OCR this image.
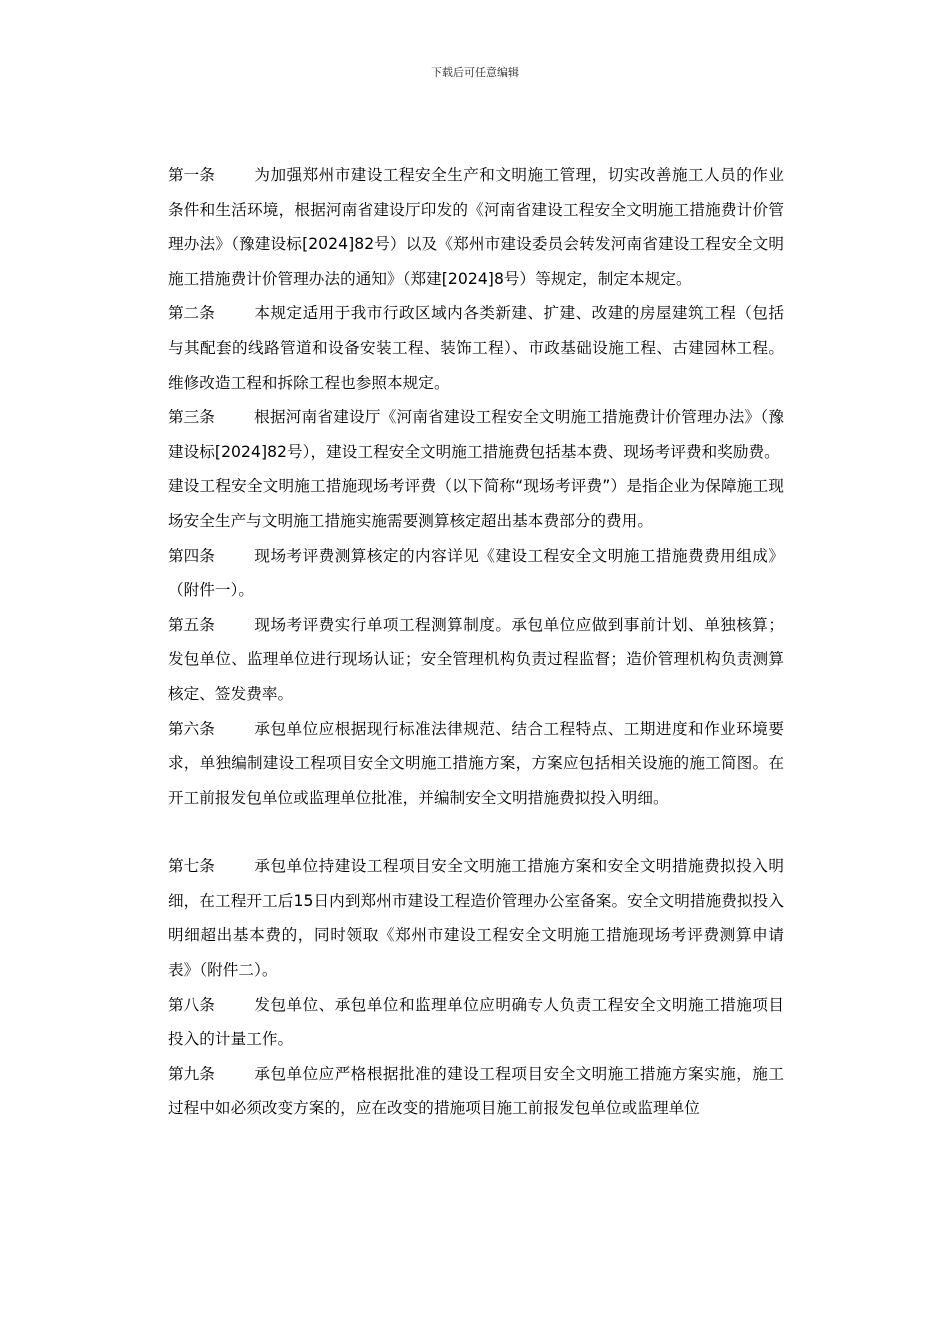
下载后可任意编辑

第一条	为加强郑州市建设工程安全生产和文明施工管理，切实改善施工人员的作业条件和生活环境，根据河南省建设厅印发的《河南省建设工程安全文明施工措施费计价管理办法》（豫建设标[2024]82号）以及《郑州市建设委员会转发河南省建设工程安全文明施工措施费计价管理办法的通知》（郑建[2024]8号）等规定，制定本规定。

第二条	本规定适用于我市行政区域内各类新建、扩建、改建的房屋建筑工程（包括与其配套的线路管道和设备安装工程、装饰工程）、市政基础设施工程、古建园林工程。维修改造工程和拆除工程也参照本规定。

第三条	根据河南省建设厅《河南省建设工程安全文明施工措施费计价管理办法》（豫建设标[2024]82号），建设工程安全文明施工措施费包括基本费、现场考评费和奖励费。

建设工程安全文明施工措施现场考评费（以下简称“现场考评费”）是指企业为保障施工现场安全生产与文明施工措施实施需要测算核定超出基本费部分的费用。

第四条	现场考评费测算核定的内容详见《建设工程安全文明施工措施费费用组成》（附件一）。

第五条	现场考评费实行单项工程测算制度。承包单位应做到事前计划、单独核算；发包单位、监理单位进行现场认证；安全管理机构负责过程监督；造价管理机构负责测算核定、签发费率。

第六条	承包单位应根据现行标准法律规范、结合工程特点、工期进度和作业环境要求，单独编制建设工程项目安全文明施工措施方案，方案应包括相关设施的施工简图。在开工前报发包单位或监理单位批准，并编制安全文明措施费拟投入明细。

第七条	承包单位持建设工程项目安全文明施工措施方案和安全文明措施费拟投入明细，在工程开工后15日内到郑州市建设工程造价管理办公室备案。安全文明措施费拟投入明细超出基本费的，同时领取《郑州市建设工程安全文明施工措施现场考评费测算申请表》（附件二）。

第八条	发包单位、承包单位和监理单位应明确专人负责工程安全文明施工措施项目投入的计量工作。

第九条	承包单位应严格根据批准的建设工程项目安全文明施工措施方案实施，施工过程中如必须改变方案的，应在改变的措施项目施工前报发包单位或监理单位
